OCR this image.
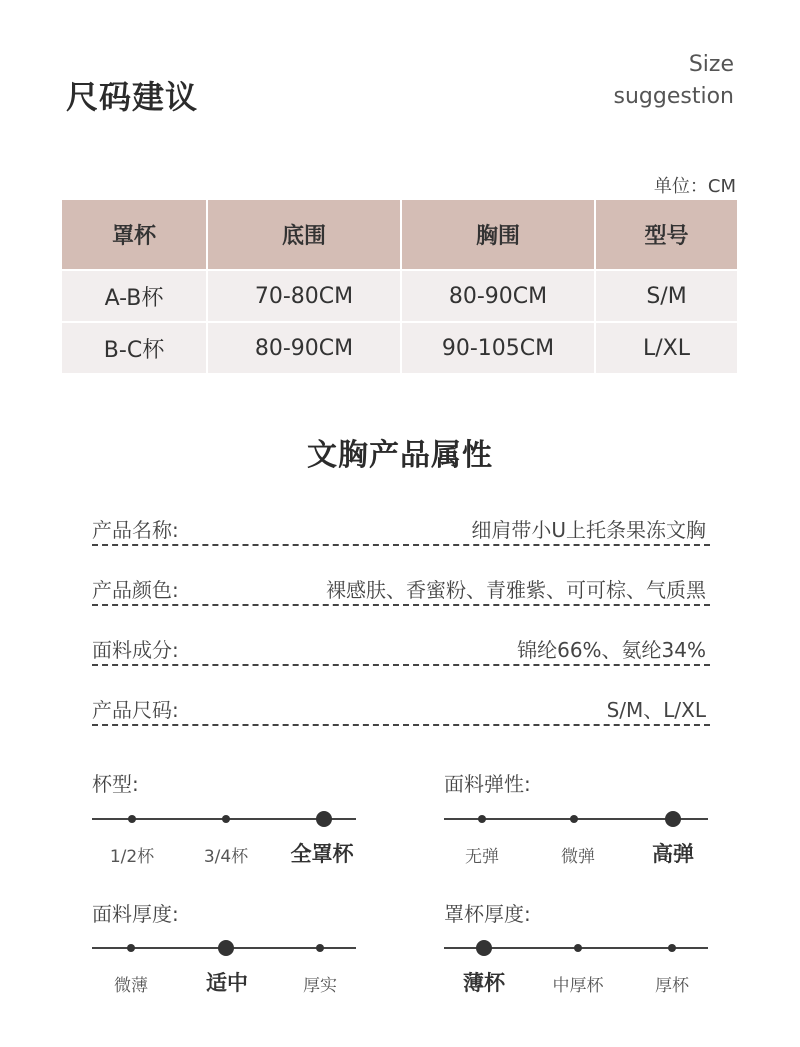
尺码建议
Size
suggestion
单位：CM
罩杯	底围	胸围	型号
A-B杯	70-80CM	80-90CM	S/M
B-C杯	80-90CM	90-105CM	L/XL
文胸产品属性
产品名称:	细肩带小U上托条果冻文胸
产品颜色:	裸感肤、香蜜粉、青雅紫、可可棕、气质黑
面料成分:	锦纶66%、氨纶34%
产品尺码:	S/M、L/XL
杯型:
1/2杯	3/4杯	全罩杯
面料弹性:
无弹	微弹	高弹
面料厚度:
微薄	适中	厚实
罩杯厚度:
薄杯	中厚杯	厚杯
